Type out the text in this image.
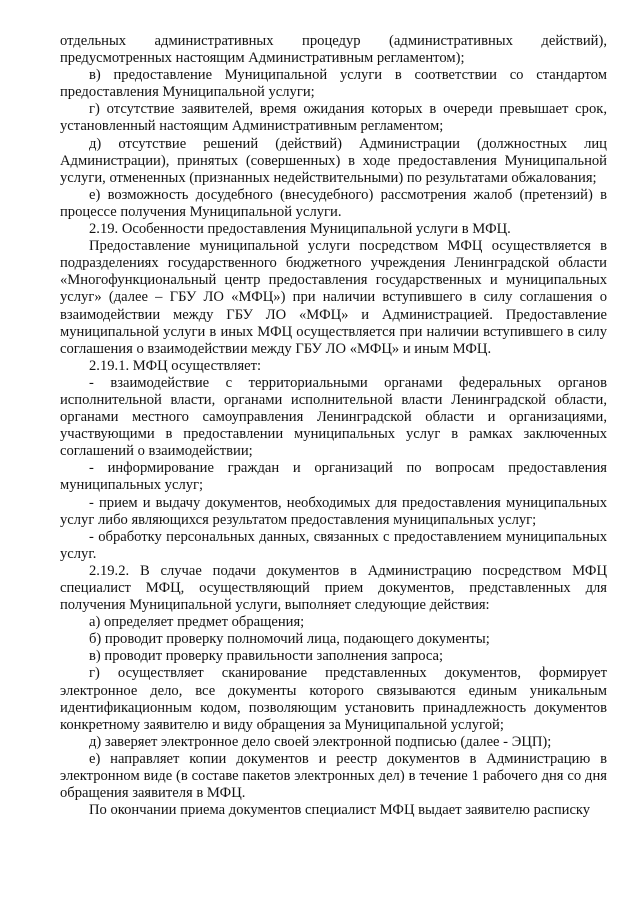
отдельных административных процедур (административных действий), предусмотренных настоящим Административным регламентом);

в) предоставление Муниципальной услуги в соответствии со стандартом предоставления Муниципальной услуги;

г) отсутствие заявителей, время ожидания которых в очереди превышает срок, установленный настоящим Административным регламентом;

д) отсутствие решений (действий) Администрации (должностных лиц Администрации), принятых (совершенных) в ходе предоставления Муниципальной услуги, отмененных (признанных недействительными) по результатами обжалования;

е) возможность досудебного (внесудебного) рассмотрения жалоб (претензий) в процессе получения Муниципальной услуги.

2.19. Особенности предоставления Муниципальной услуги в МФЦ.

Предоставление муниципальной услуги посредством МФЦ осуществляется в подразделениях государственного бюджетного учреждения Ленинградской области «Многофункциональный центр предоставления государственных и муниципальных услуг» (далее – ГБУ ЛО «МФЦ») при наличии вступившего в силу соглашения о взаимодействии между ГБУ ЛО «МФЦ» и Администрацией. Предоставление муниципальной услуги в иных МФЦ осуществляется при наличии вступившего в силу соглашения о взаимодействии между ГБУ ЛО «МФЦ» и иным МФЦ.

2.19.1. МФЦ осуществляет:

- взаимодействие с территориальными органами федеральных органов исполнительной власти, органами исполнительной власти Ленинградской области, органами местного самоуправления Ленинградской области и организациями, участвующими в предоставлении муниципальных услуг в рамках заключенных соглашений о взаимодействии;

- информирование граждан и организаций по вопросам предоставления муниципальных услуг;

- прием и выдачу документов, необходимых для предоставления муниципальных услуг либо являющихся результатом предоставления муниципальных услуг;

- обработку персональных данных, связанных с предоставлением муниципальных услуг.

2.19.2. В случае подачи документов в Администрацию посредством МФЦ специалист МФЦ, осуществляющий прием документов, представленных для получения Муниципальной услуги, выполняет следующие действия:

а) определяет предмет обращения;

б) проводит проверку полномочий лица, подающего документы;

в) проводит проверку правильности заполнения запроса;

г) осуществляет сканирование представленных документов, формирует электронное дело, все документы которого связываются единым уникальным идентификационным кодом, позволяющим установить принадлежность документов конкретному заявителю и виду обращения за Муниципальной услугой;

д) заверяет электронное дело своей электронной подписью (далее - ЭЦП);

е) направляет копии документов и реестр документов в Администрацию в электронном виде (в составе пакетов электронных дел) в течение 1 рабочего дня со дня обращения заявителя в МФЦ.

По окончании приема документов специалист МФЦ выдает заявителю расписку
